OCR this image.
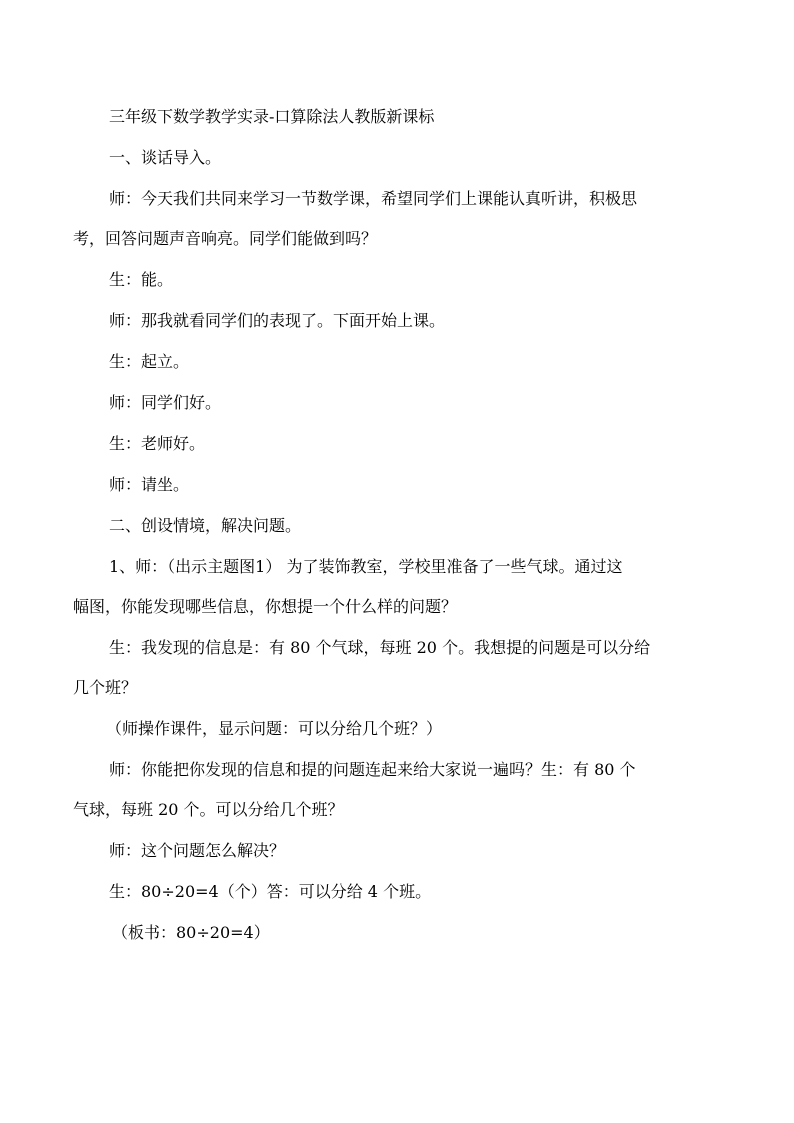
三年级下数学教学实录-口算除法人教版新课标

一、谈话导入。

师：今天我们共同来学习一节数学课，希望同学们上课能认真听讲，积极思

考，回答问题声音响亮。同学们能做到吗？

生：能。

师：那我就看同学们的表现了。下面开始上课。

生：起立。

师：同学们好。

生：老师好。

师：请坐。

二、创设情境，解决问题。

1、师：（出示主题图1） 为了装饰教室，学校里准备了一些气球。通过这

幅图，你能发现哪些信息，你想提一个什么样的问题？

生：我发现的信息是：有 80 个气球，每班 20 个。我想提的问题是可以分给

几个班？

（师操作课件，显示问题：可以分给几个班？）

师：你能把你发现的信息和提的问题连起来给大家说一遍吗？生：有 80 个

气球，每班 20 个。可以分给几个班？

师：这个问题怎么解决？

生：80÷20=4（个）答：可以分给 4 个班。

（板书：80÷20=4）
